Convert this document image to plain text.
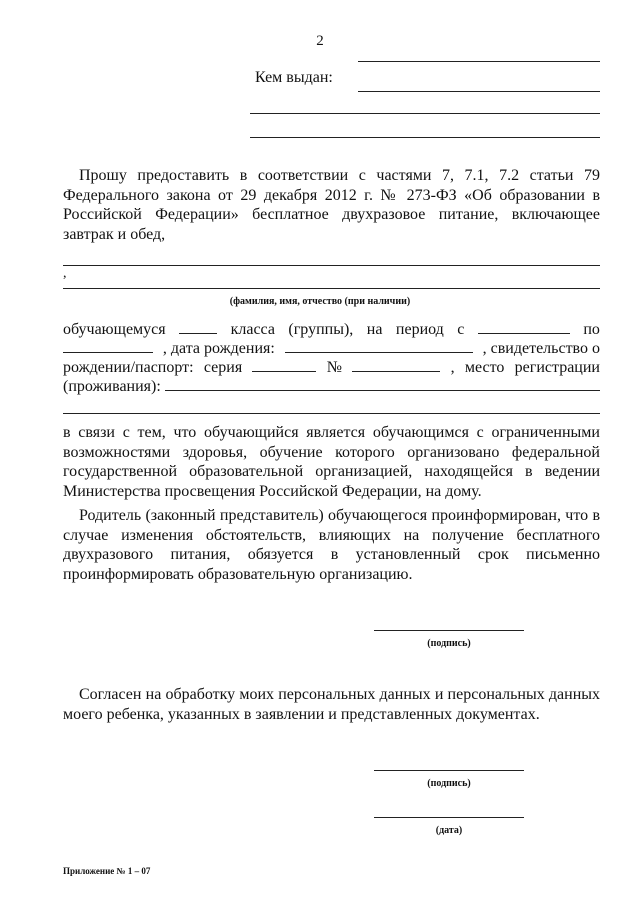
2
Кем выдан:
Прошу предоставить в соответствии с частями 7, 7.1, 7.2 статьи 79 Федерального закона от 29 декабря 2012 г. № 273-ФЗ «Об образовании в Российской Федерации» бесплатное двухразовое питание, включающее завтрак и обед,
,
(фамилия, имя, отчество (при наличии)
обучающемуся	класса (группы), на период с	по
, дата рождения:	, свидетельство о
рождении/паспорт: серия	№	, место регистрации
(проживания):
в связи с тем, что обучающийся является обучающимся с ограниченными возможностями здоровья, обучение которого организовано федеральной государственной образовательной организацией, находящейся в ведении Министерства просвещения Российской Федерации, на дому.
Родитель (законный представитель) обучающегося проинформирован, что в случае изменения обстоятельств, влияющих на получение бесплатного двухразового питания, обязуется в установленный срок письменно проинформировать образовательную организацию.
(подпись)
Согласен на обработку моих персональных данных и персональных данных моего ребенка, указанных в заявлении и представленных документах.
(подпись)
(дата)
Приложение № 1 – 07
